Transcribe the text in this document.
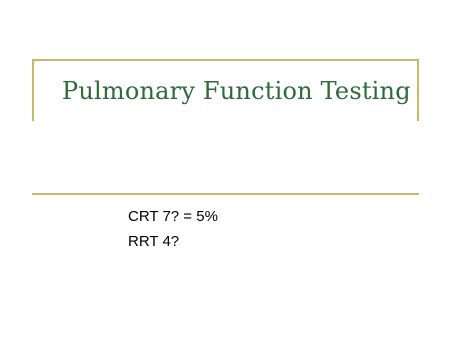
Pulmonary Function Testing
CRT 7? = 5%
RRT 4?
